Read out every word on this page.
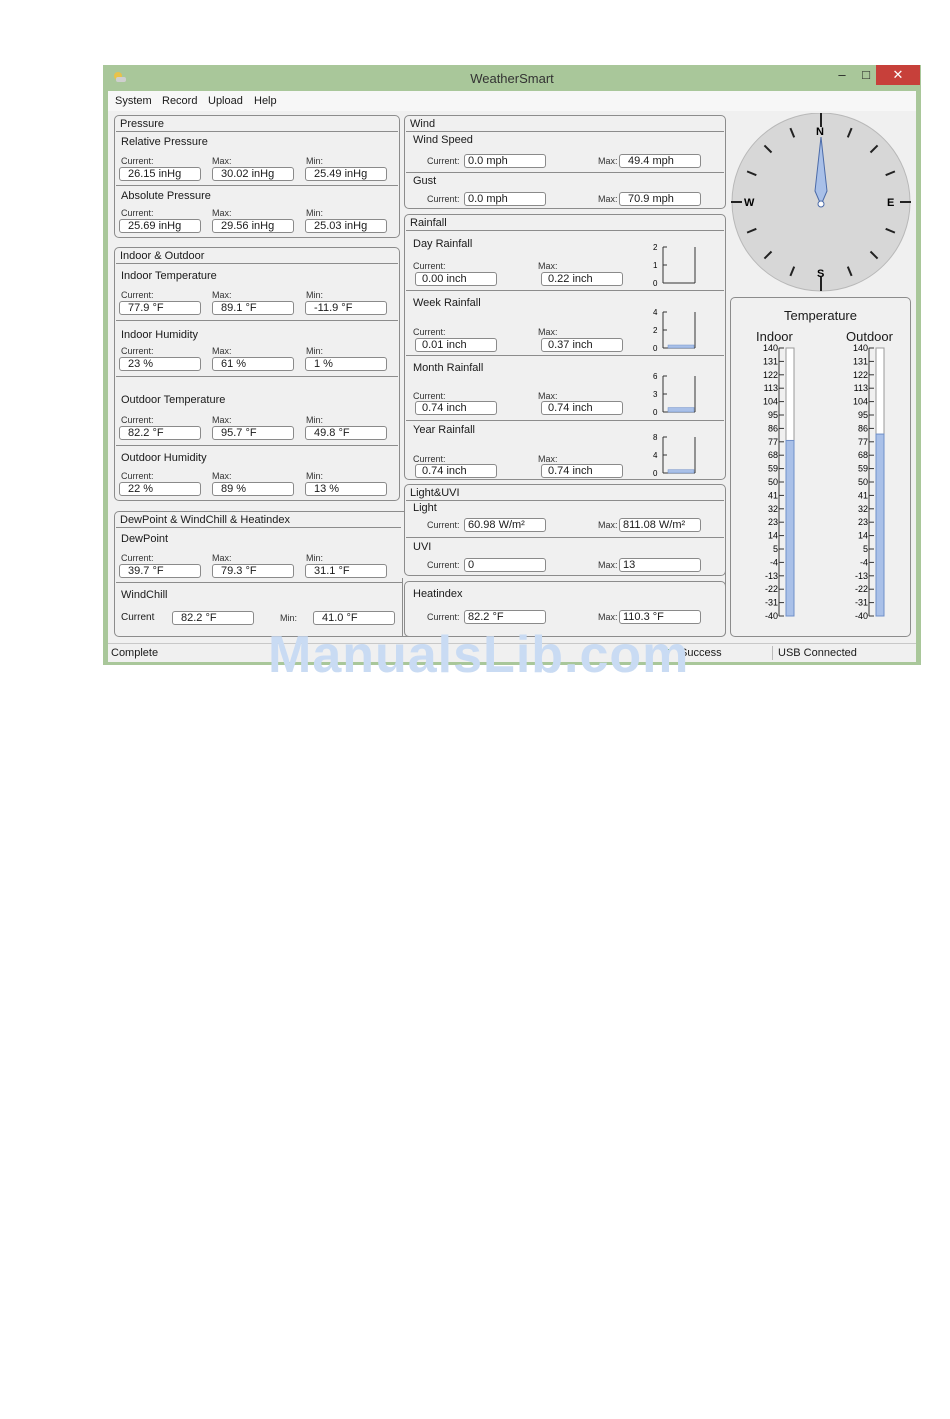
WeatherSmart	–	□	✕
System Record Upload Help
Pressure
Relative Pressure
Current:	Max:	Min:
26.15 inHg	30.02 inHg	25.49 inHg
Absolute Pressure
Current:	Max:	Min:
25.69 inHg	29.56 inHg	25.03 inHg
Indoor & Outdoor
Indoor Temperature
Current:	Max:	Min:
77.9 °F	89.1 °F	-11.9 °F
Indoor Humidity
Current:	Max:	Min:
23 %	61 %	1 %
Outdoor Temperature
Current:	Max:	Min:
82.2 °F	95.7 °F	49.8 °F
Outdoor Humidity
Current:	Max:	Min:
22 %	89 %	13 %
DewPoint & WindChill & Heatindex
DewPoint
Current:	Max:	Min:
39.7 °F	79.3 °F	31.1 °F
WindChill
Current	82.2 °F	Min:	41.0 °F
Heatindex
Current: 82.2 °F	Max: 110.3 °F
Wind
Wind Speed
Current: 0.0 mph	Max: 49.4 mph
Gust
Current: 0.0 mph	Max: 70.9 mph
Rainfall
Day Rainfall
Current:	Max:
0.00 inch	0.22 inch
2
1
0
Week Rainfall
Current:	Max:
0.01 inch	0.37 inch
4
2
0
Month Rainfall
Current:	Max:
0.74 inch	0.74 inch
6
3
0
Year Rainfall
Current:	Max:
0.74 inch	0.74 inch
8
4
0
Light&UVI
Light
Current: 60.98 W/m²	Max: 811.08 W/m²
UVI
Current: 0	Max: 13
N
S
W	E
Temperature
Indoor	Outdoor
140
131
122
113
104
95
86
77
68
59
50
41
32
23
14
5
-4
-13
-22
-31
-40
140
131
122
113
104
95
86
77
68
59
50
41
32
23
14
5
-4
-13
-22
-31
-40
Complete	Success	USB Connected
ManualsLib.com
